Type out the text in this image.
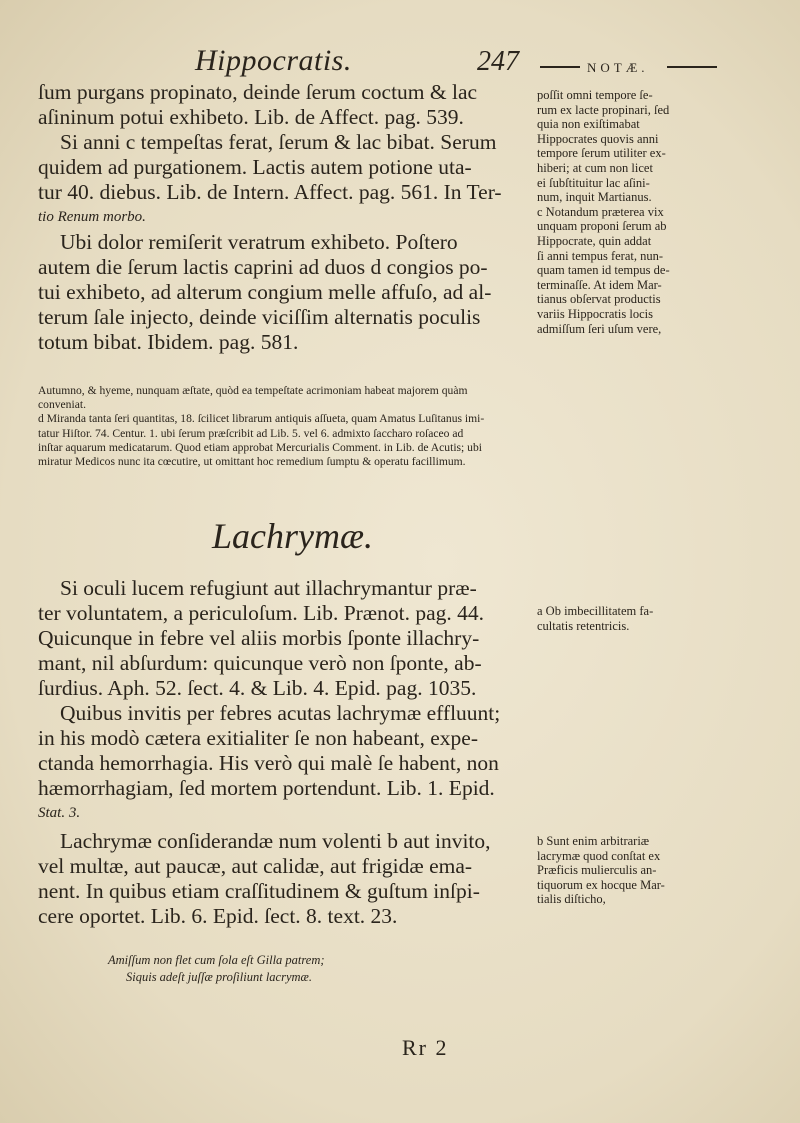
Hippocratis.	247	NOTÆ.
ſum purgans propinato, deinde ſerum coctum & lac
aſininum potui exhibeto. Lib. de Affect. pag. 539.
Si anni c tempeſtas ferat, ſerum & lac bibat. Serum
quidem ad purgationem. Lactis autem potione uta-
tur 40. diebus. Lib. de Intern. Affect. pag. 561. In Ter-
tio Renum morbo.
Ubi dolor remiſerit veratrum exhibeto. Poſtero
autem die ſerum lactis caprini ad duos d congios po-
tui exhibeto, ad alterum congium melle affuſo, ad al-
terum ſale injecto, deinde viciſſim alternatis poculis
totum bibat. Ibidem. pag. 581.
poſſit omni tempore ſe-
rum ex lacte propinari, ſed
quia non exiſtimabat
Hippocrates quovis anni
tempore ſerum utiliter ex-
hiberi; at cum non licet
ei ſubſtituitur lac aſini-
num, inquit Martianus.
c Notandum præterea vix
unquam proponi ſerum ab
Hippocrate, quin addat
ſi anni tempus ferat, nun-
quam tamen id tempus de-
terminaſſe. At idem Mar-
tianus obſervat productis
variis Hippocratis locis
admiſſum ſeri uſum vere,
Autumno, & hyeme, nunquam æſtate, quòd ea tempeſtate acrimoniam habeat majorem quàm
conveniat.
d Miranda tanta ſeri quantitas, 18. ſcilicet librarum antiquis aſſueta, quam Amatus Luſitanus imi-
tatur Hiſtor. 74. Centur. 1. ubi ſerum præſcribit ad Lib. 5. vel 6. admixto ſaccharo roſaceo ad
inſtar aquarum medicatarum. Quod etiam approbat Mercurialis Comment. in Lib. de Acutis; ubi
miratur Medicos nunc ita cœcutire, ut omittant hoc remedium ſumptu & operatu facillimum.
Lachrymæ.
Si oculi lucem refugiunt aut illachrymantur præ-
ter voluntatem, a periculoſum. Lib. Prænot. pag. 44.
Quicunque in febre vel aliis morbis ſponte illachry-
mant, nil abſurdum: quicunque verò non ſponte, ab-
ſurdius. Aph. 52. ſect. 4. & Lib. 4. Epid. pag. 1035.
Quibus invitis per febres acutas lachrymæ effluunt;
in his modò cætera exitialiter ſe non habeant, expe-
ctanda hemorrhagia. His verò qui malè ſe habent, non
hæmorrhagiam, ſed mortem portendunt. Lib. 1. Epid.
Stat. 3.
Lachrymæ conſiderandæ num volenti b aut invito,
vel multæ, aut paucæ, aut calidæ, aut frigidæ ema-
nent. In quibus etiam craſſitudinem & guſtum inſpi-
cere oportet. Lib. 6. Epid. ſect. 8. text. 23.
a Ob imbecillitatem fa-
cultatis retentricis.
b Sunt enim arbitrariæ
lacrymæ quod conſtat ex
Præficis mulierculis an-
tiquorum ex hocque Mar-
tialis diſticho,
Amiſſum non flet cum ſola eſt Gilla patrem;
Siquis adeſt juſſæ proſiliunt lacrymæ.
Rr 2
